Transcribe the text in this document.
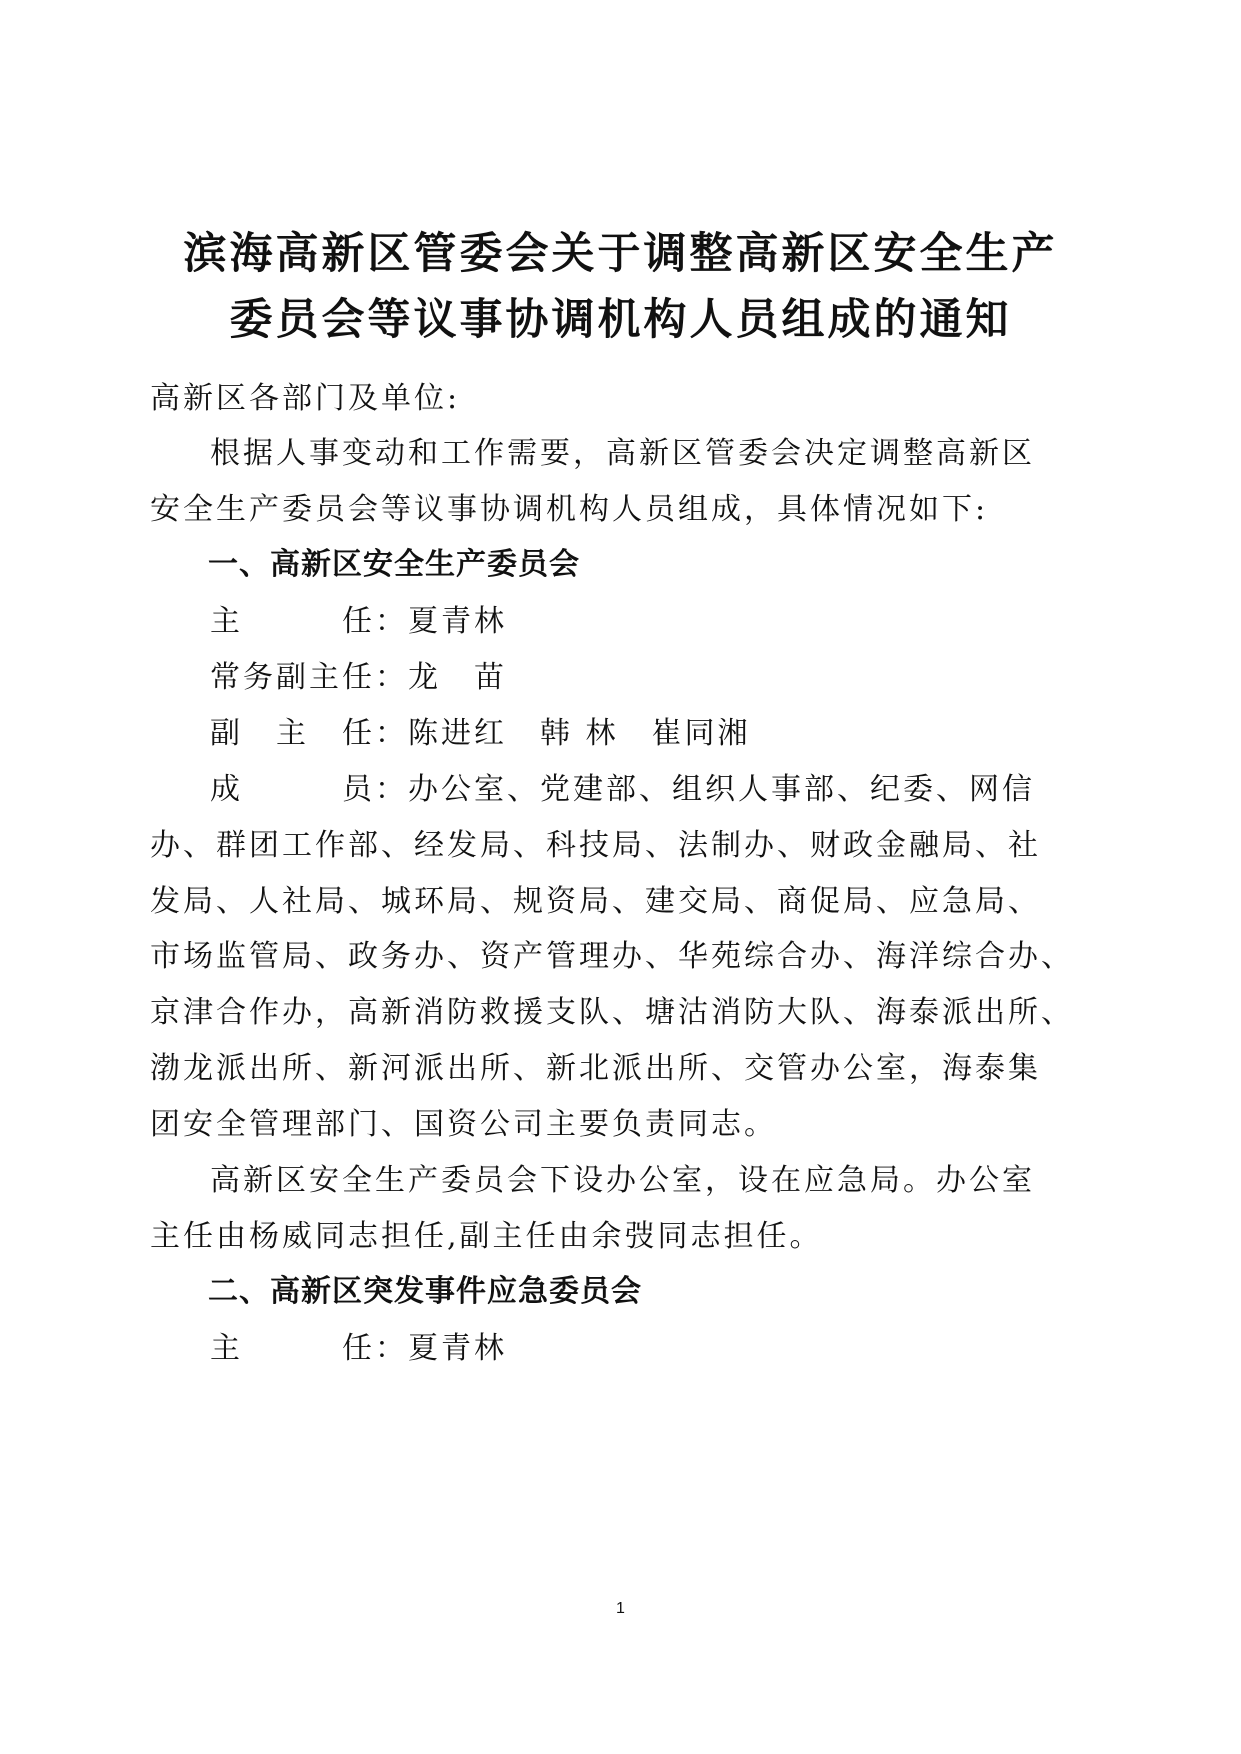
滨海高新区管委会关于调整高新区安全生产
委员会等议事协调机构人员组成的通知
高新区各部门及单位:
根据人事变动和工作需要，高新区管委会决定调整高新区
安全生产委员会等议事协调机构人员组成，具体情况如下:
一、高新区安全生产委员会
主　　　任：夏青林
常务副主任：龙　苗
副　主　任：陈进红　韩 林　崔同湘
成　　　员：办公室、党建部、组织人事部、纪委、网信
办、群团工作部、经发局、科技局、法制办、财政金融局、社
发局、人社局、城环局、规资局、建交局、商促局、应急局、
市场监管局、政务办、资产管理办、华苑综合办、海洋综合办、
京津合作办，高新消防救援支队、塘沽消防大队、海泰派出所、
渤龙派出所、新河派出所、新北派出所、交管办公室，海泰集
团安全管理部门、国资公司主要负责同志。
高新区安全生产委员会下设办公室，设在应急局。办公室
主任由杨威同志担任,副主任由余弢同志担任。
二、高新区突发事件应急委员会
主　　　任：夏青林
1
